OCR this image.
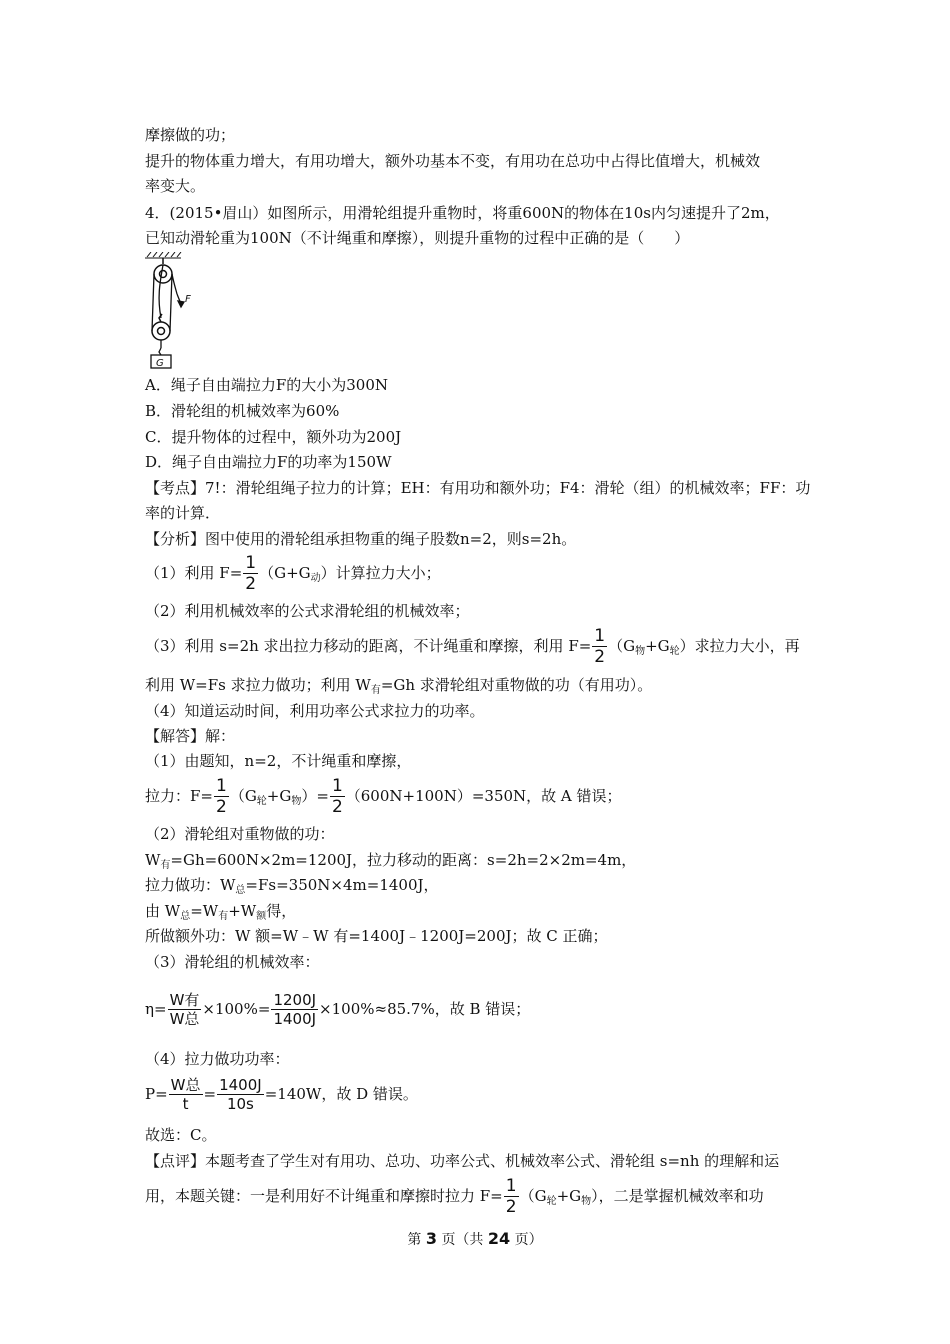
摩擦做的功；
提升的物体重力增大，有用功增大，额外功基本不变，有用功在总功中占得比值增大，机械效
率变大。
4．(2015•眉山）如图所示，用滑轮组提升重物时，将重600N的物体在10s内匀速提升了2m，
已知动滑轮重为100N（不计绳重和摩擦），则提升重物的过程中正确的是（　　）
F
G
A．绳子自由端拉力F的大小为300N
B．滑轮组的机械效率为60%
C．提升物体的过程中，额外功为200J
D．绳子自由端拉力F的功率为150W
【考点】7!：滑轮组绳子拉力的计算；EH：有用功和额外功；F4：滑轮（组）的机械效率；FF：功
率的计算．
【分析】图中使用的滑轮组承担物重的绳子股数n=2，则s=2h。
（1）利用 $F= \frac{1}{2} (G+G_动)$计算拉力大小；
（2）利用机械效率的公式求滑轮组的机械效率；
（3）利用 s=2h 求出拉力移动的距离，不计绳重和摩擦，利用 $F= \frac{1}{2} (G_物+G_轮)$求拉力大小，再
利用 W=Fs 求拉力做功；利用 $W_有=Gh$ 求滑轮组对重物做的功（有用功）。
（4）知道运动时间，利用功率公式求拉力的功率。
【解答】解：
（1）由题知，n=2，不计绳重和摩擦，
拉力：$F= \frac{1}{2} (G_轮+G_物)= \frac{1}{2} (600N+100N)=350N$，故 A 错误；
（2）滑轮组对重物做的功：
$W_有=Gh=600N\times 2m=1200J$，拉力移动的距离：s=2h=2×2m=4m，
拉力做功：$W_总=Fs=350N\times 4m=1400J$，
由 $W_总=W_有+W_额$得，
所做额外功：W 额=W﹣W 有=1400J﹣1200J=200J；故 C 正确；
（3）滑轮组的机械效率：
$\eta= \frac{\text{W有}}{\text{W总}} \times 100\%= \frac{1200J}{1400J} \times 100\%\approx 85.7\%$，故 B 错误；
（4）拉力做功功率：
$P= \frac{\text{W总}}{t} = \frac{1400J}{10s} =140W$，故 D 错误。
故选：C。
【点评】本题考查了学生对有用功、总功、功率公式、机械效率公式、滑轮组 s=nh 的理解和运
用，本题关键：一是利用好不计绳重和摩擦时拉力 $F= \frac{1}{2} (G_轮+G_物)$，二是掌握机械效率和功
第 3 页（共 24 页）
